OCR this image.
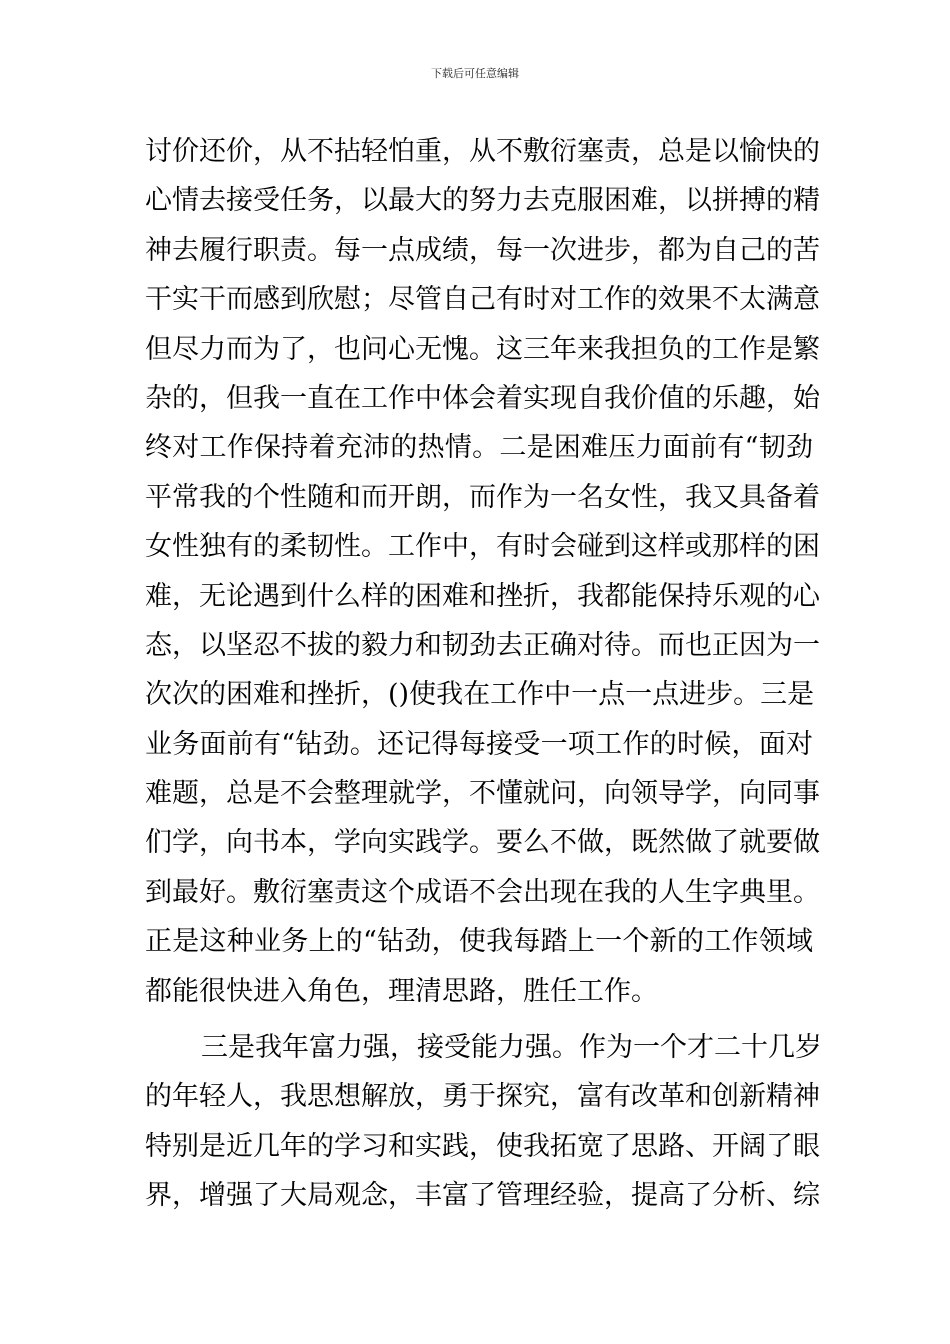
下载后可任意编辑
讨价还价，从不拈轻怕重，从不敷衍塞责，总是以愉快的
心情去接受任务，以最大的努力去克服困难，以拼搏的精
神去履行职责。每一点成绩，每一次进步，都为自己的苦
干实干而感到欣慰；尽管自己有时对工作的效果不太满意
但尽力而为了，也问心无愧。这三年来我担负的工作是繁
杂的，但我一直在工作中体会着实现自我价值的乐趣，始
终对工作保持着充沛的热情。二是困难压力面前有“韧劲
平常我的个性随和而开朗，而作为一名女性，我又具备着
女性独有的柔韧性。工作中，有时会碰到这样或那样的困
难，无论遇到什么样的困难和挫折，我都能保持乐观的心
态，以坚忍不拔的毅力和韧劲去正确对待。而也正因为一
次次的困难和挫折，()使我在工作中一点一点进步。三是
业务面前有“钻劲。还记得每接受一项工作的时候，面对
难题，总是不会整理就学，不懂就问，向领导学，向同事
们学，向书本，学向实践学。要么不做，既然做了就要做
到最好。敷衍塞责这个成语不会出现在我的人生字典里。
正是这种业务上的“钻劲，使我每踏上一个新的工作领域
都能很快进入角色，理清思路，胜任工作。
三是我年富力强，接受能力强。作为一个才二十几岁
的年轻人，我思想解放，勇于探究，富有改革和创新精神
特别是近几年的学习和实践，使我拓宽了思路、开阔了眼
界，增强了大局观念，丰富了管理经验，提高了分析、综
